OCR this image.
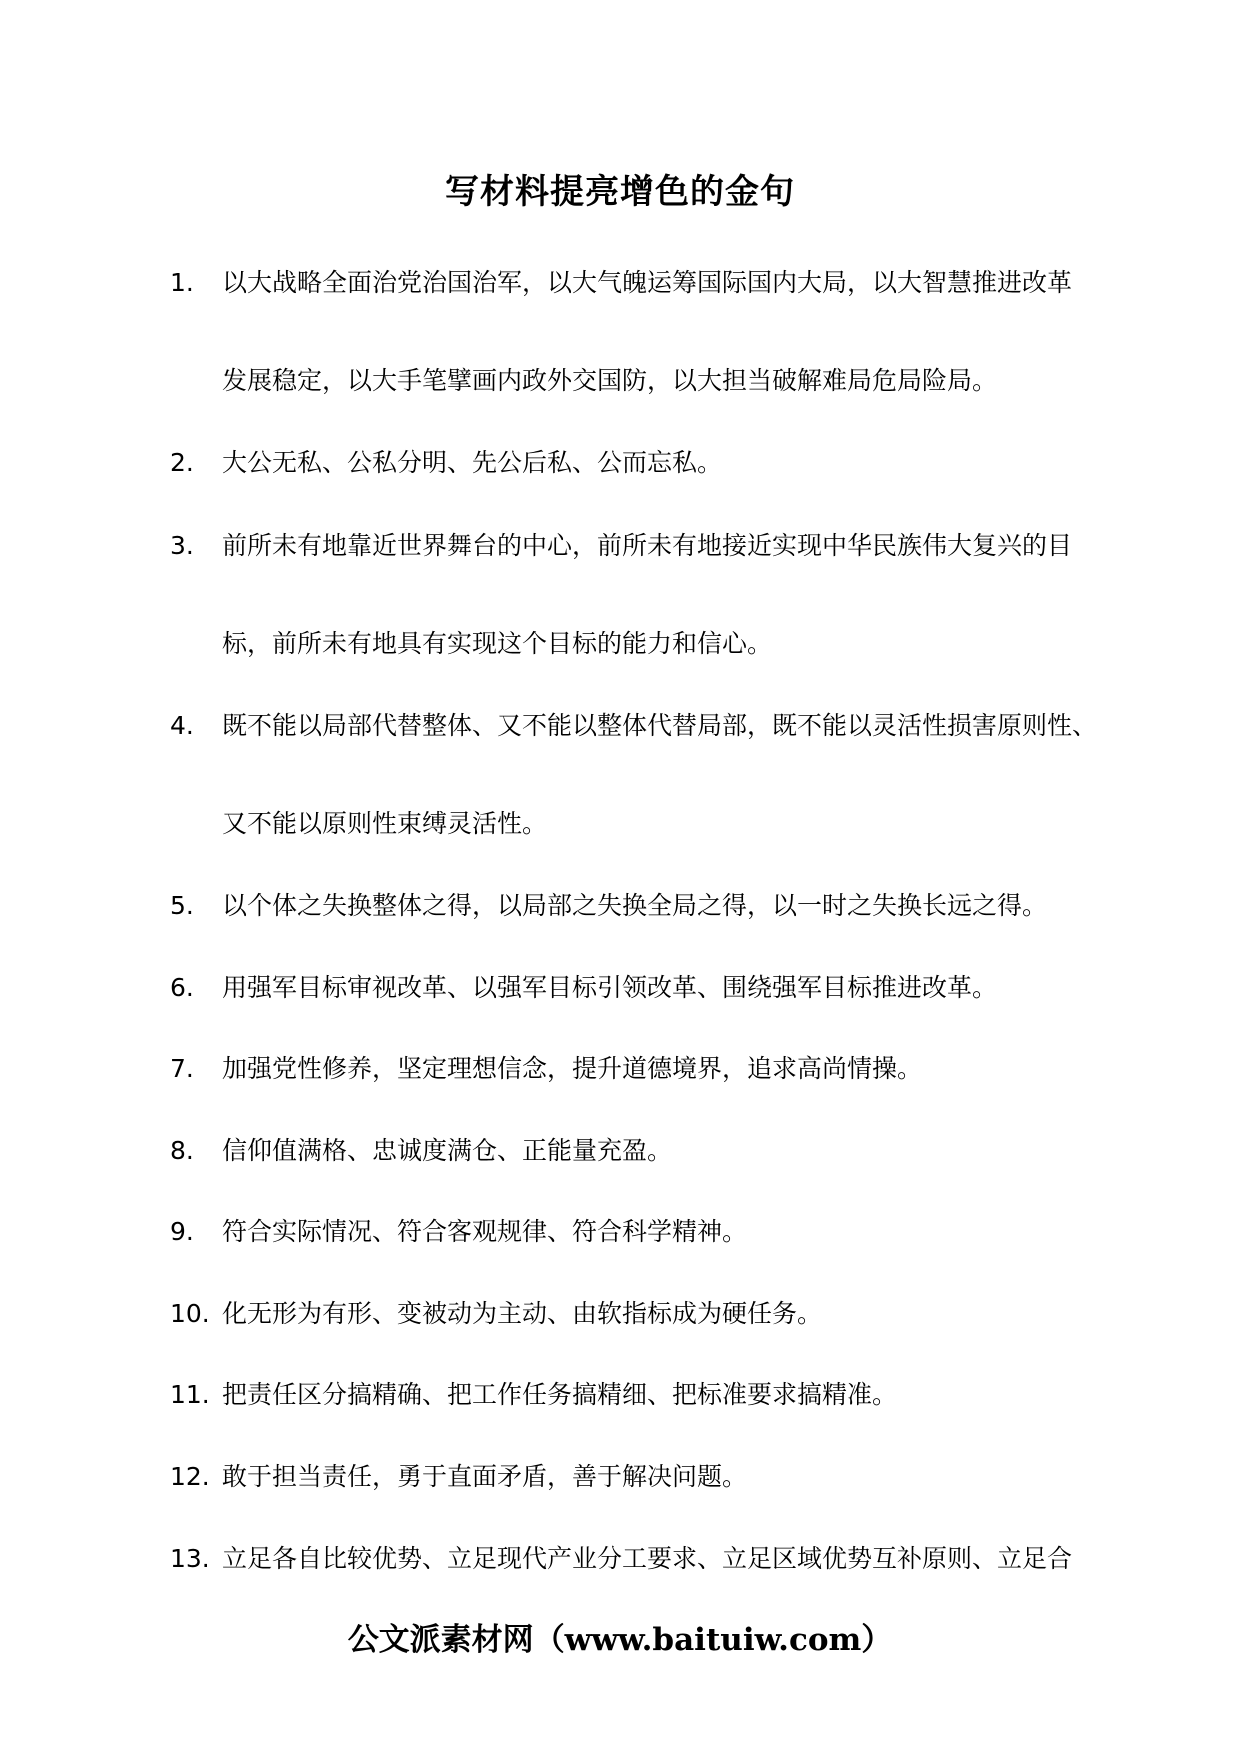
写材料提亮增色的金句
1.	以大战略全面治党治国治军，以大气魄运筹国际国内大局，以大智慧推进改革
发展稳定，以大手笔擘画内政外交国防，以大担当破解难局危局险局。
2.	大公无私、公私分明、先公后私、公而忘私。
3.	前所未有地靠近世界舞台的中心，前所未有地接近实现中华民族伟大复兴的目
标，前所未有地具有实现这个目标的能力和信心。
4.	既不能以局部代替整体、又不能以整体代替局部，既不能以灵活性损害原则性、
又不能以原则性束缚灵活性。
5.	以个体之失换整体之得，以局部之失换全局之得，以一时之失换长远之得。
6.	用强军目标审视改革、以强军目标引领改革、围绕强军目标推进改革。
7.	加强党性修养，坚定理想信念，提升道德境界，追求高尚情操。
8.	信仰值满格、忠诚度满仓、正能量充盈。
9.	符合实际情况、符合客观规律、符合科学精神。
10. 化无形为有形、变被动为主动、由软指标成为硬任务。
11. 把责任区分搞精确、把工作任务搞精细、把标准要求搞精准。
12. 敢于担当责任，勇于直面矛盾，善于解决问题。
13. 立足各自比较优势、立足现代产业分工要求、立足区域优势互补原则、立足合
公文派素材网（www.baituiw.com）
